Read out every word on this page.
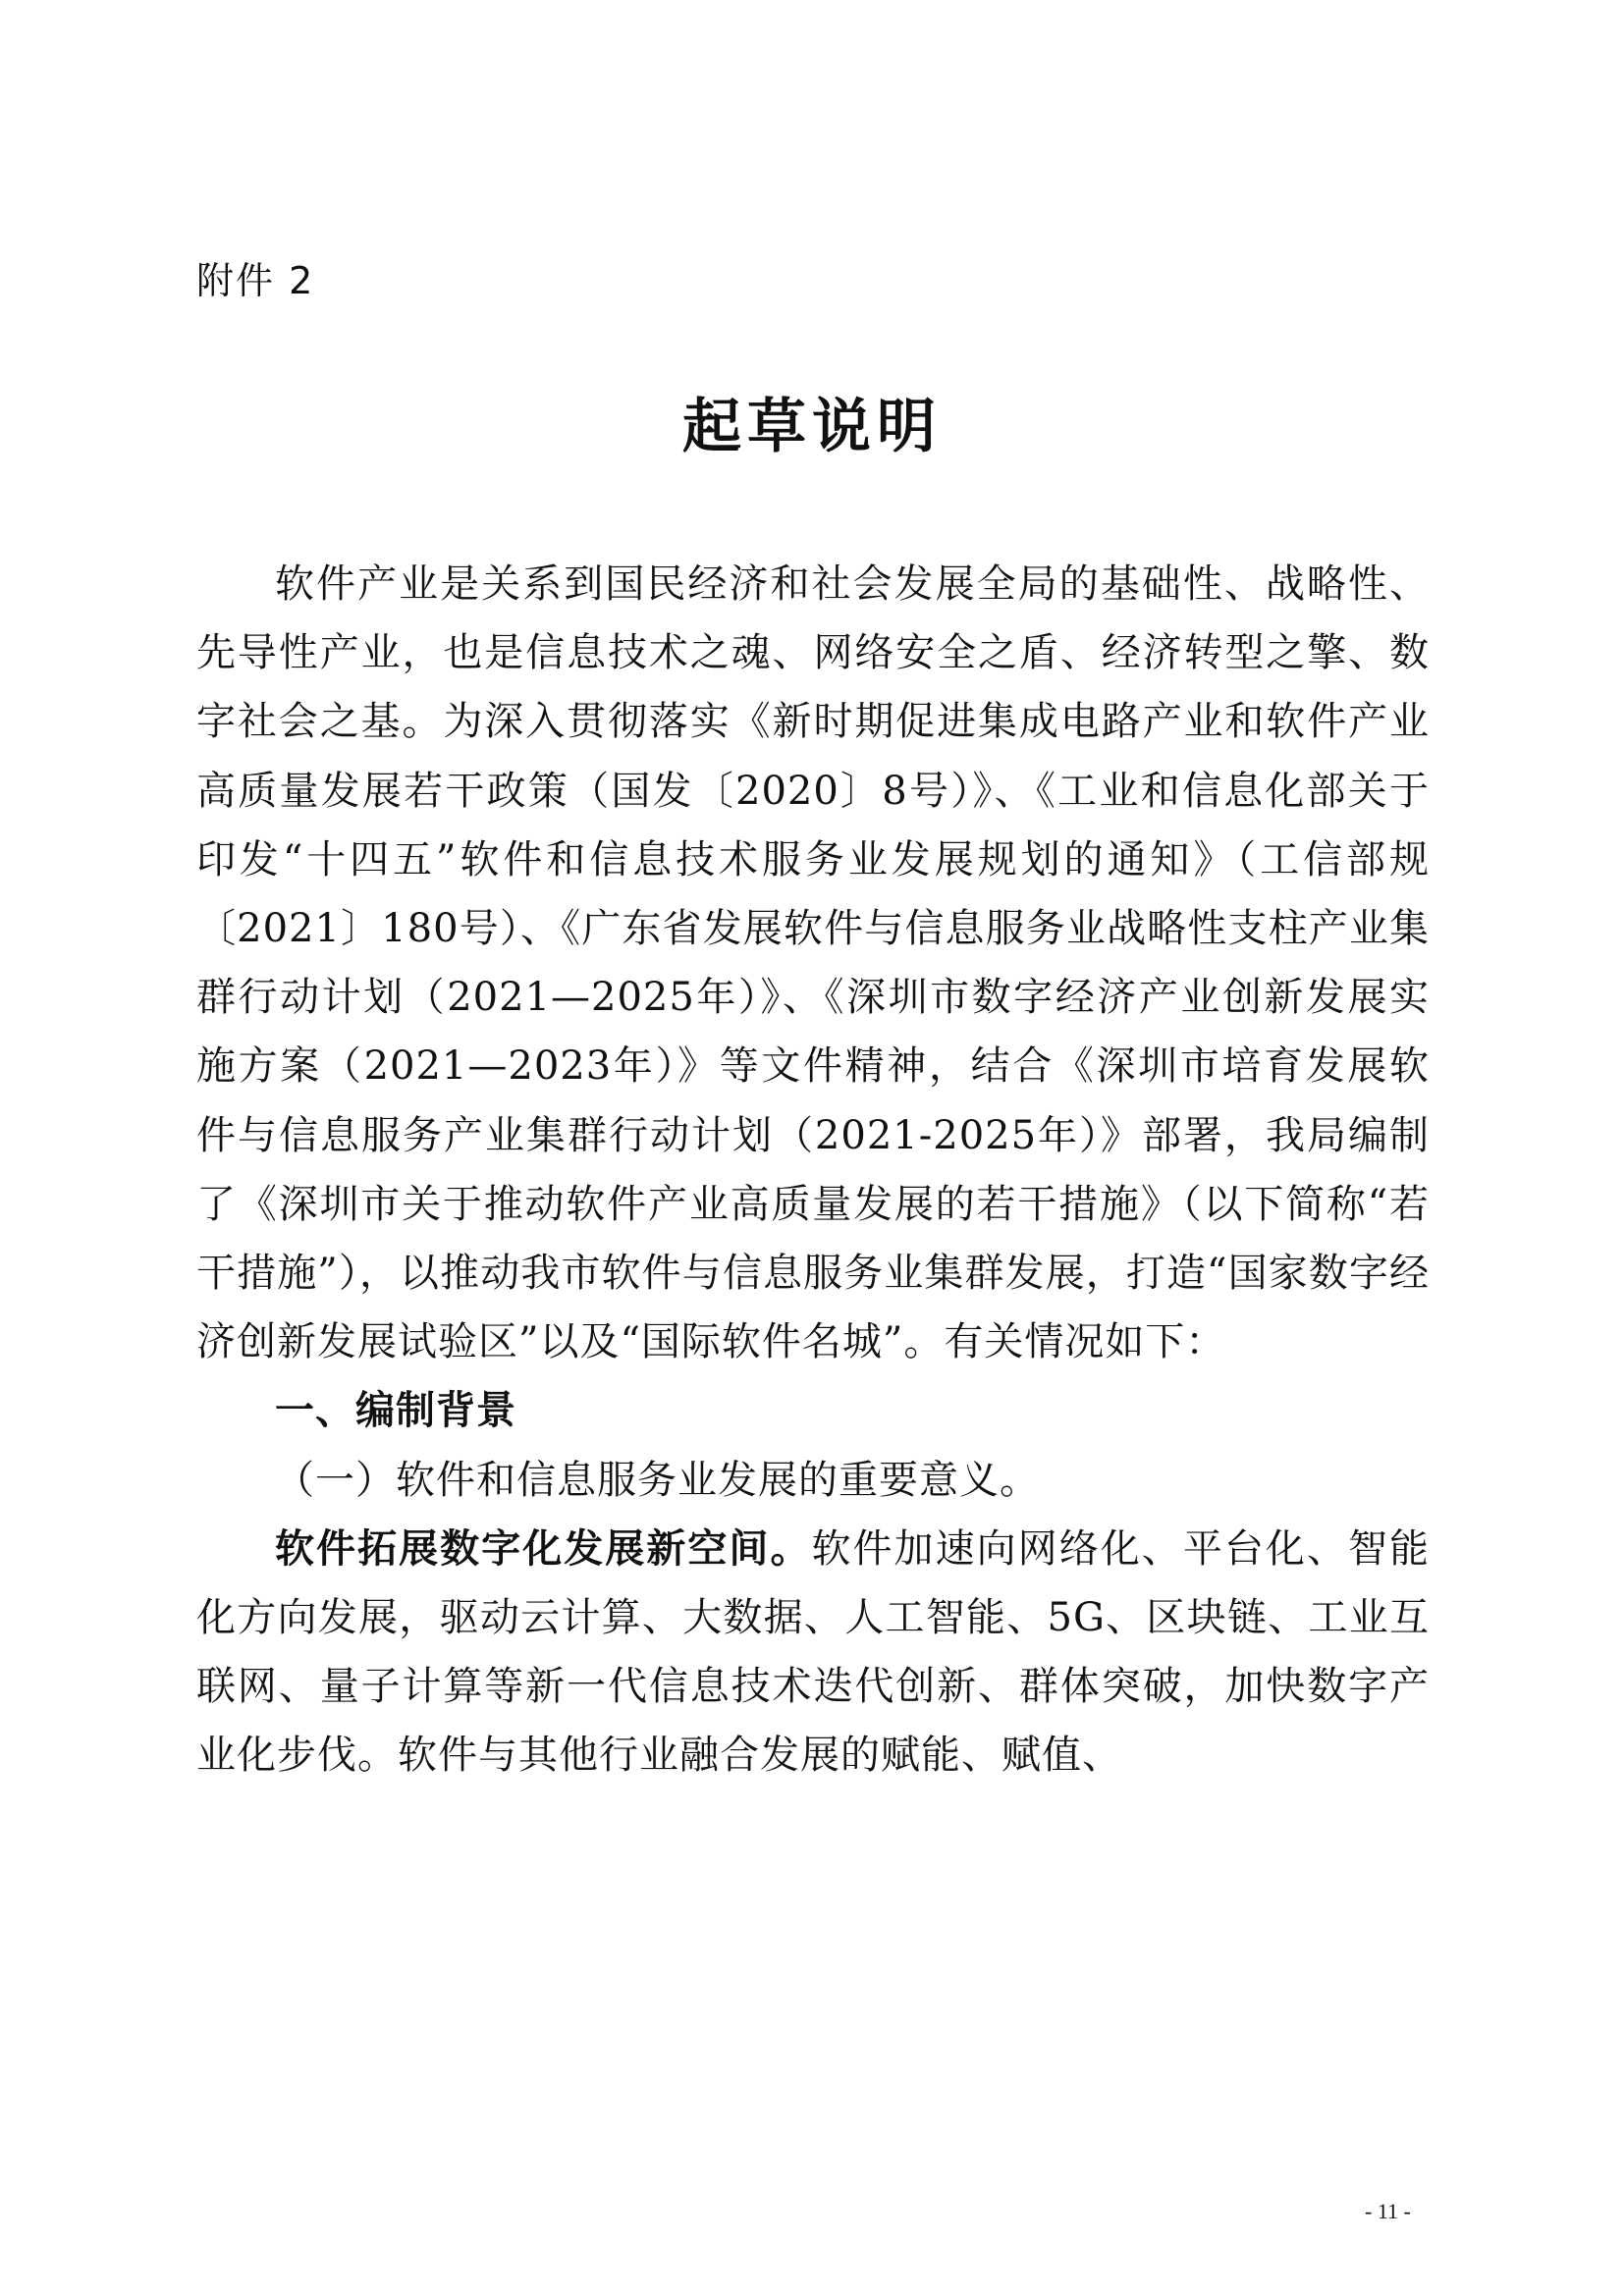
附件 2
起草说明

软件产业是关系到国民经济和社会发展全局的基础性、战略性、先导性产业，也是信息技术之魂、网络安全之盾、经济转型之擎、数字社会之基。为深入贯彻落实《新时期促进集成电路产业和软件产业高质量发展若干政策（国发〔2020〕8号）》、《工业和信息化部关于印发“十四五”软件和信息技术服务业发展规划的通知》（工信部规〔2021〕180号）、《广东省发展软件与信息服务业战略性支柱产业集群行动计划（2021—2025年）》、《深圳市数字经济产业创新发展实施方案（2021—2023年）》等文件精神，结合《深圳市培育发展软件与信息服务产业集群行动计划（2021-2025年）》部署，我局编制了《深圳市关于推动软件产业高质量发展的若干措施》（以下简称“若干措施”），以推动我市软件与信息服务业集群发展，打造“国家数字经济创新发展试验区”以及“国际软件名城”。有关情况如下：

一、编制背景

（一）软件和信息服务业发展的重要意义。

软件拓展数字化发展新空间。软件加速向网络化、平台化、智能化方向发展，驱动云计算、大数据、人工智能、5G、区块链、工业互联网、量子计算等新一代信息技术迭代创新、群体突破，加快数字产业化步伐。软件与其他行业融合发展的赋能、赋值、

- 11 -
